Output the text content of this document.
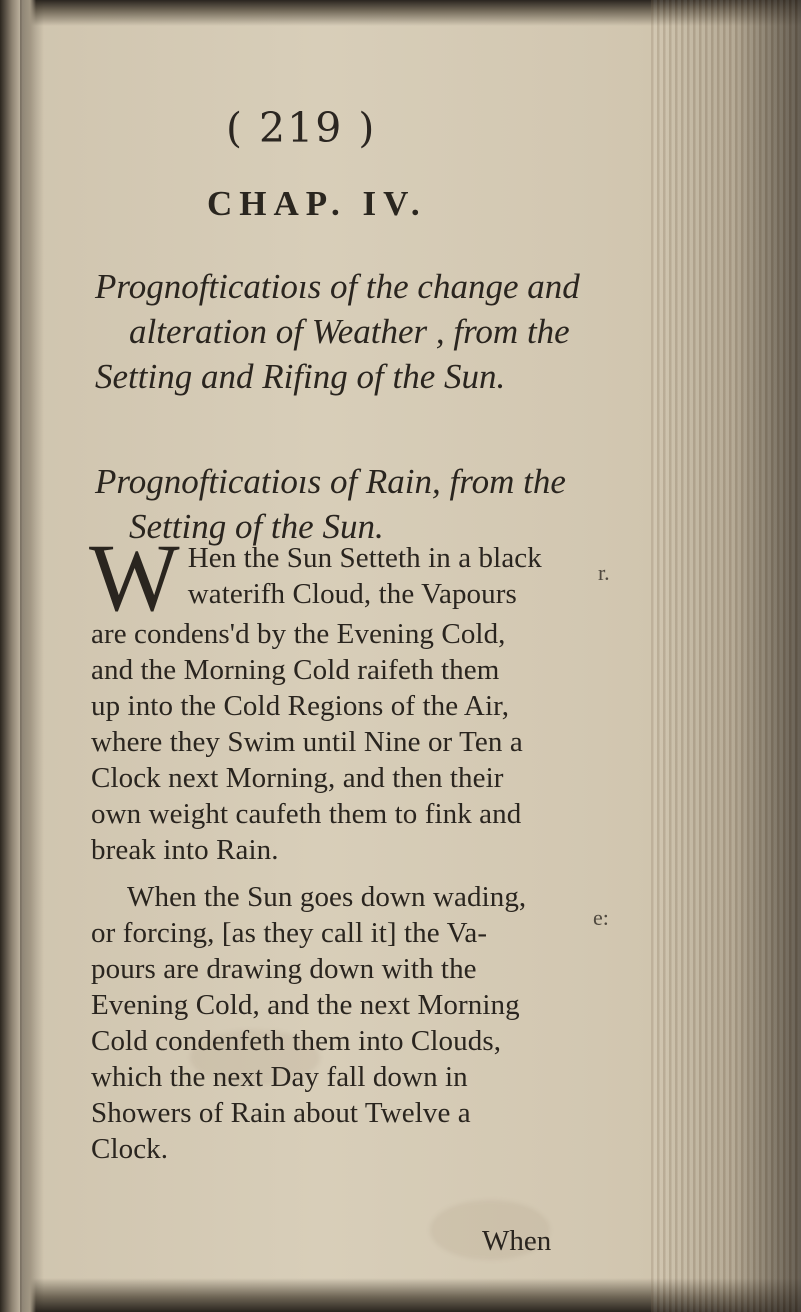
( 219 )
CHAP. IV.
Prognofticatioıs of the change and
alteration of Weather , from the
Setting and Rifing of the Sun.
Prognofticatioıs of Rain, from the
Setting of the Sun.
W Hen the Sun Setteth in a black
waterifh Cloud, the Vapours
are condens'd by the Evening Cold,
and the Morning Cold raifeth them
up into the Cold Regions of the Air,
where they Swim until Nine or Ten a
Clock next Morning, and then their
own weight caufeth them to fink and
break into Rain.
When the Sun goes down wading,
or forcing, [as they call it] the Va-
pours are drawing down with the
Evening Cold, and the next Morning
Cold condenfeth them into Clouds,
which the next Day fall down in
Showers of Rain about Twelve a
Clock.
When
r.
e:
